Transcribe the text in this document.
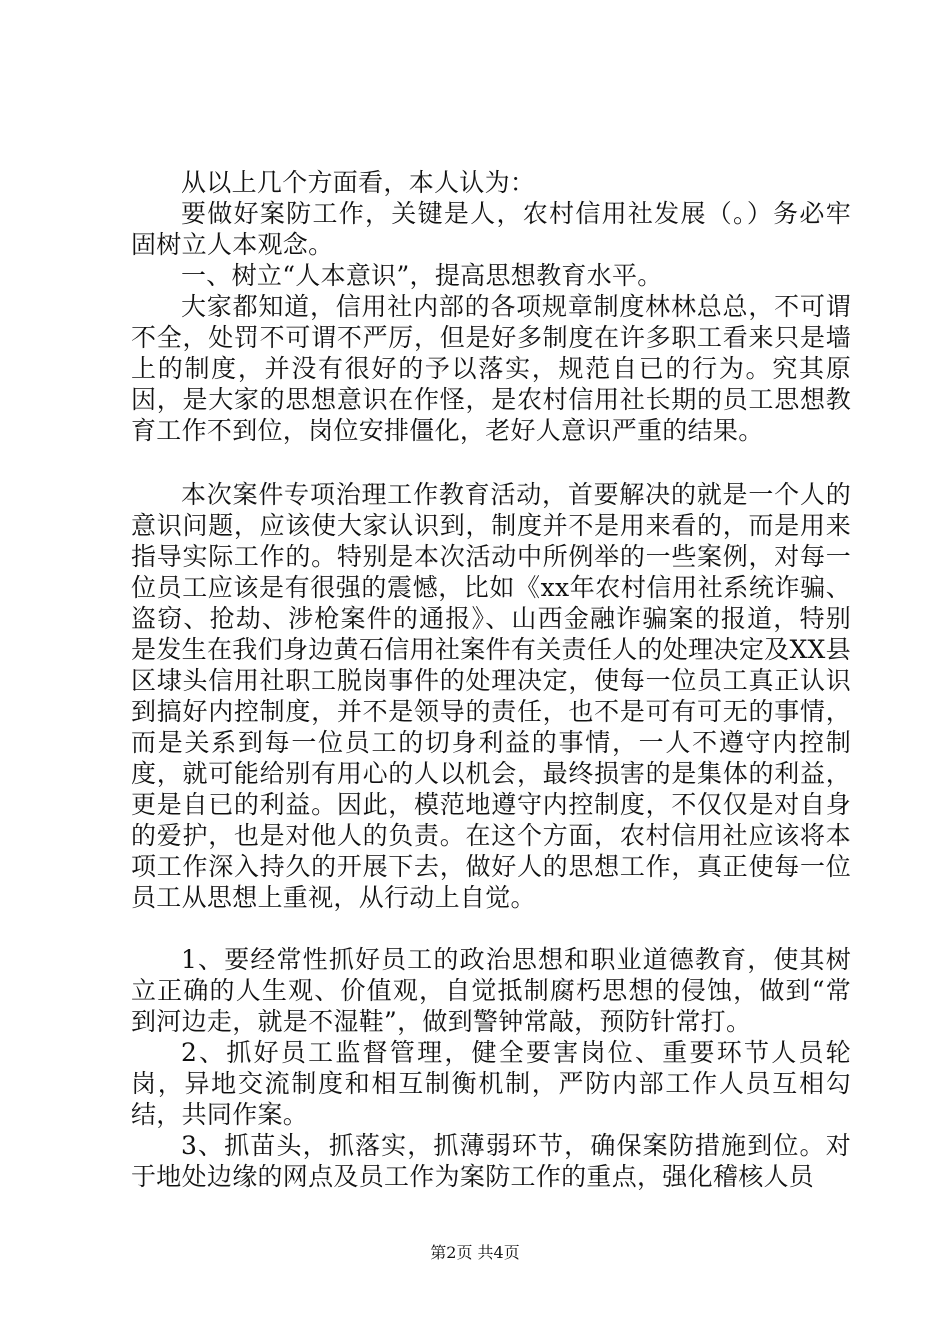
从以上几个方面看，本人认为：

要做好案防工作，关键是人，农村信用社发展（。）务必牢固树立人本观念。

一、树立“人本意识”，提高思想教育水平。

大家都知道，信用社内部的各项规章制度林林总总，不可谓不全，处罚不可谓不严厉，但是好多制度在许多职工看来只是墙上的制度，并没有很好的予以落实，规范自已的行为。究其原因，是大家的思想意识在作怪，是农村信用社长期的员工思想教育工作不到位，岗位安排僵化，老好人意识严重的结果。

本次案件专项治理工作教育活动，首要解决的就是一个人的意识问题，应该使大家认识到，制度并不是用来看的，而是用来指导实际工作的。特别是本次活动中所例举的一些案例，对每一位员工应该是有很强的震憾，比如《xx年农村信用社系统诈骗、盗窃、抢劫、涉枪案件的通报》、山西金融诈骗案的报道，特别是发生在我们身边黄石信用社案件有关责任人的处理决定及XX县区埭头信用社职工脱岗事件的处理决定，使每一位员工真正认识到搞好内控制度，并不是领导的责任，也不是可有可无的事情，而是关系到每一位员工的切身利益的事情，一人不遵守内控制度，就可能给别有用心的人以机会，最终损害的是集体的利益，更是自已的利益。因此，模范地遵守内控制度，不仅仅是对自身的爱护，也是对他人的负责。在这个方面，农村信用社应该将本项工作深入持久的开展下去，做好人的思想工作，真正使每一位员工从思想上重视，从行动上自觉。

1、要经常性抓好员工的政治思想和职业道德教育，使其树立正确的人生观、价值观，自觉抵制腐朽思想的侵蚀，做到“常到河边走，就是不湿鞋”，做到警钟常敲，预防针常打。

2、抓好员工监督管理，健全要害岗位、重要环节人员轮岗，异地交流制度和相互制衡机制，严防内部工作人员互相勾结，共同作案。

3、抓苗头，抓落实，抓薄弱环节，确保案防措施到位。对于地处边缘的网点及员工作为案防工作的重点，强化稽核人员

第2页 共4页
